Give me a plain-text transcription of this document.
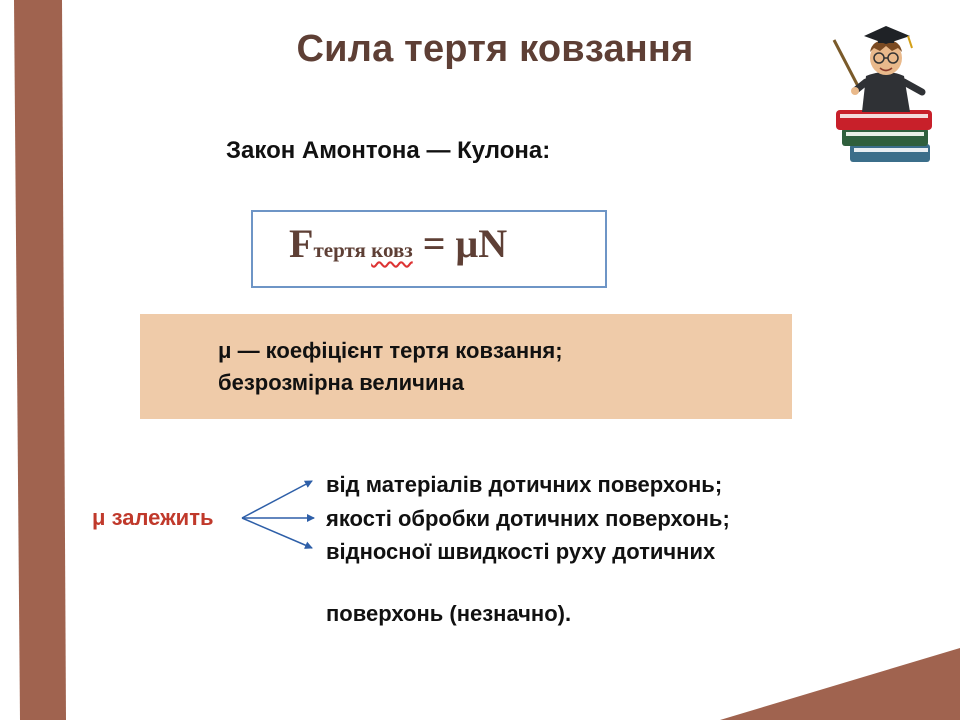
Сила тертя ковзання
Закон Амонтона — Кулона:
Fтертя ковз = μN
μ — коефіцієнт тертя ковзання;
безрозмірна величина
μ залежить
від матеріалів дотичних поверхонь;
якості обробки дотичних поверхонь;
відносної швидкості руху дотичних
поверхонь (незначно).
